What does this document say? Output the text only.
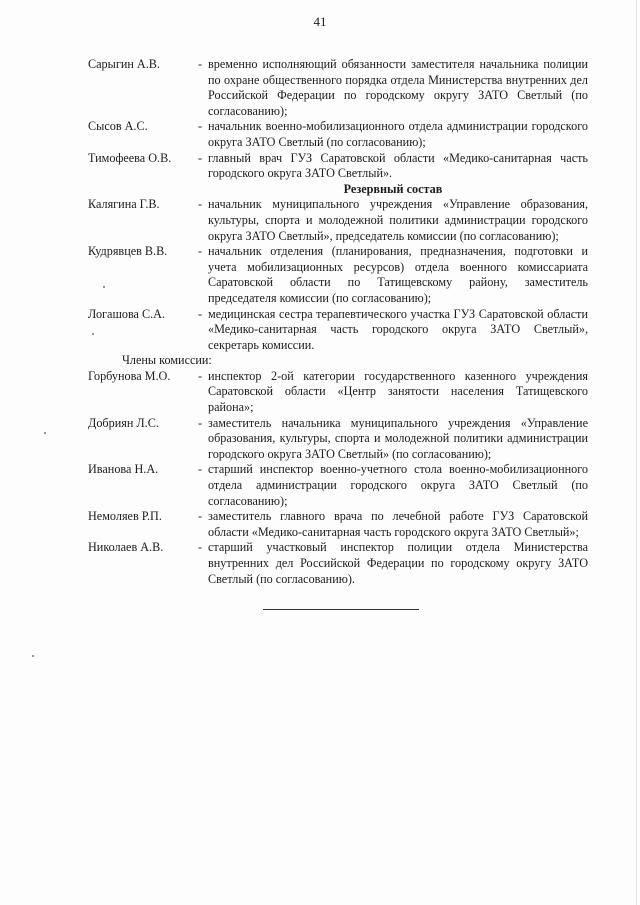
41
Сарыгин А.В.	- временно исполняющий обязанности заместителя начальника полиции по охране общественного порядка отдела Министерства внутренних дел Российской Федерации по городскому округу ЗАТО Светлый (по согласованию);
Сысов А.С.	- начальник военно-мобилизационного отдела администрации городского округа ЗАТО Светлый (по согласованию);
Тимофеева О.В.	- главный врач ГУЗ Саратовской области «Медико-санитарная часть городского округа ЗАТО Светлый».
Резервный состав
Калягина Г.В.	- начальник муниципального учреждения «Управление образования, культуры, спорта и молодежной политики администрации городского округа ЗАТО Светлый», председатель комиссии (по согласованию);
Кудрявцев В.В.	- начальник отделения (планирования, предназначения, подготовки и учета мобилизационных ресурсов) отдела военного комиссариата Саратовской области по Татищевскому району, заместитель председателя комиссии (по согласованию);
Логашова С.А.	- медицинская сестра терапевтического участка ГУЗ Саратовской области «Медико-санитарная часть городского округа ЗАТО Светлый», секретарь комиссии.
Члены комиссии:
Горбунова М.О.	- инспектор 2-ой категории государственного казенного учреждения Саратовской области «Центр занятости населения Татищевского района»;
Добриян Л.С.	- заместитель начальника муниципального учреждения «Управление образования, культуры, спорта и молодежной политики администрации городского округа ЗАТО Светлый» (по согласованию);
Иванова Н.А.	- старший инспектор военно-учетного стола военно-мобилизационного отдела администрации городского округа ЗАТО Светлый (по согласованию);
Немоляев Р.П.	- заместитель главного врача по лечебной работе ГУЗ Саратовской области «Медико-санитарная часть городского округа ЗАТО Светлый»;
Николаев А.В.	- старший участковый инспектор полиции отдела Министерства внутренних дел Российской Федерации по городскому округу ЗАТО Светлый (по согласованию).
